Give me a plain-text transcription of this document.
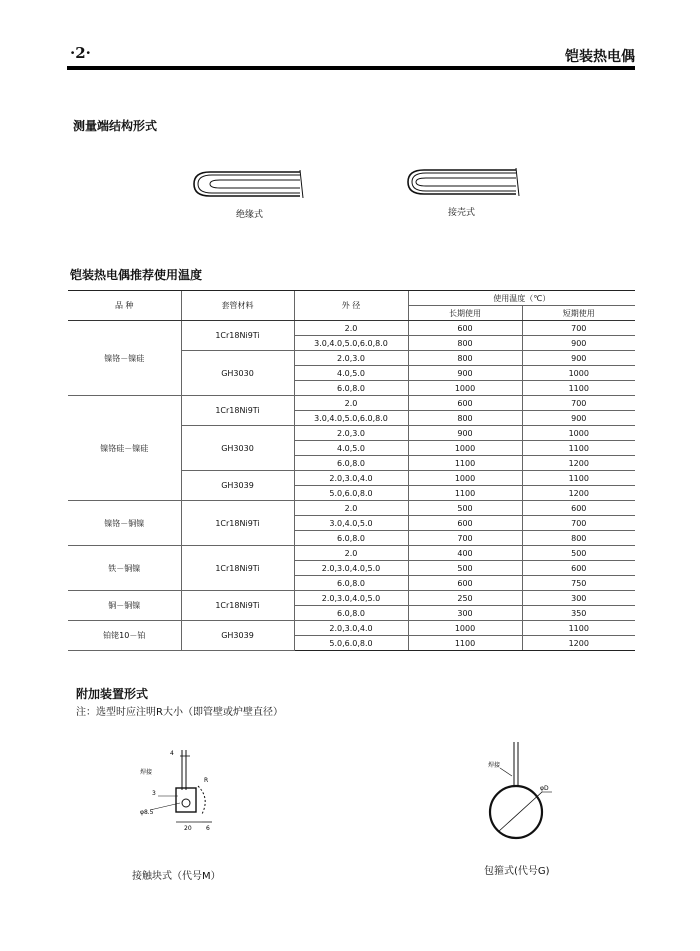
·2·	铠装热电偶
测量端结构形式
绝缘式	接壳式
铠装热电偶推荐使用温度
品 种	套管材料	外 径	使用温度（℃）	
			长期使用	短期使用
镍铬－镍硅	1Cr18Ni9Ti	2.0	600	700
		3.0,4.0,5.0,6.0,8.0	800	900
	GH3030	2.0,3.0	800	900
		4.0,5.0	900	1000
		6.0,8.0	1000	1100
镍铬硅－镍硅	1Cr18Ni9Ti	2.0	600	700
		3.0,4.0,5.0,6.0,8.0	800	900
	GH3030	2.0,3.0	900	1000
		4.0,5.0	1000	1100
		6.0,8.0	1100	1200
	GH3039	2.0,3.0,4.0	1000	1100
		5.0,6.0,8.0	1100	1200
镍铬－铜镍	1Cr18Ni9Ti	2.0	500	600
		3.0,4.0,5.0	600	700
		6.0,8.0	700	800
铁－铜镍	1Cr18Ni9Ti	2.0	400	500
		2.0,3.0,4.0,5.0	500	600
		6.0,8.0	600	750
铜－铜镍	1Cr18Ni9Ti	2.0,3.0,4.0,5.0	250	300
		6.0,8.0	300	350
铂铑10－铂	GH3039	2.0,3.0,4.0	1000	1100
		5.0,6.0,8.0	1100	1200
附加装置形式
注：选型时应注明R大小（即管壁或炉壁直径）
4
焊接
3
φ8.5
20 6
R
接触块式（代号M）
焊接
φD
包箍式(代号G)
